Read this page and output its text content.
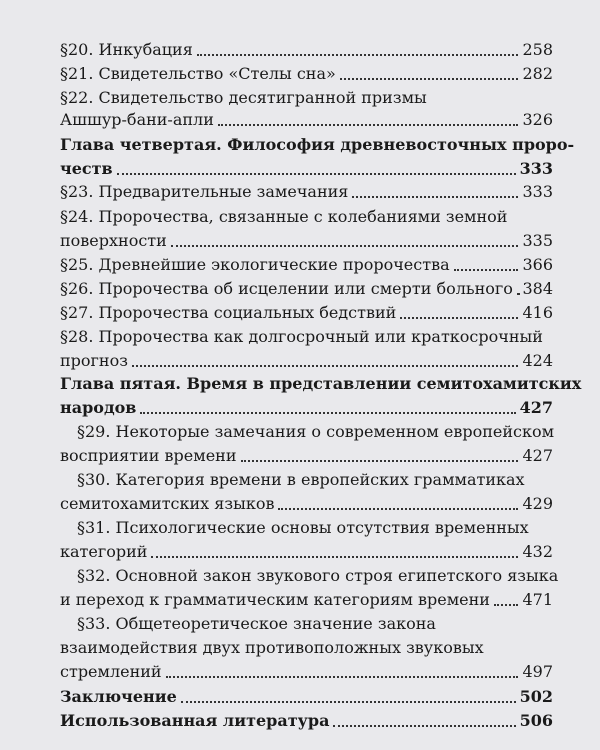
§20. Инкубация	258
§21. Свидетельство «Стелы сна»	282
§22. Свидетельство десятигранной призмы
Ашшур-бани-апли	326
Глава четвертая. Философия древневосточных проро-
честв	333
§23. Предварительные замечания	333
§24. Пророчества, связанные с колебаниями земной
поверхности	335
§25. Древнейшие экологические пророчества	366
§26. Пророчества об исцелении или смерти больного 384
§27. Пророчества социальных бедствий	416
§28. Пророчества как долгосрочный или краткосрочный
прогноз	424
Глава пятая. Время в представлении семитохамитских
народов	427
§29. Некоторые замечания о современном европейском
восприятии времени	427
§30. Категория времени в европейских грамматиках
семитохамитских языков	429
§31. Психологические основы отсутствия временных
категорий	432
§32. Основной закон звукового строя египетского языка
и переход к грамматическим категориям времени 471
§33. Общетеоретическое значение закона
взаимодействия двух противоположных звуковых
стремлений	497
Заключение	502
Использованная литература	506
